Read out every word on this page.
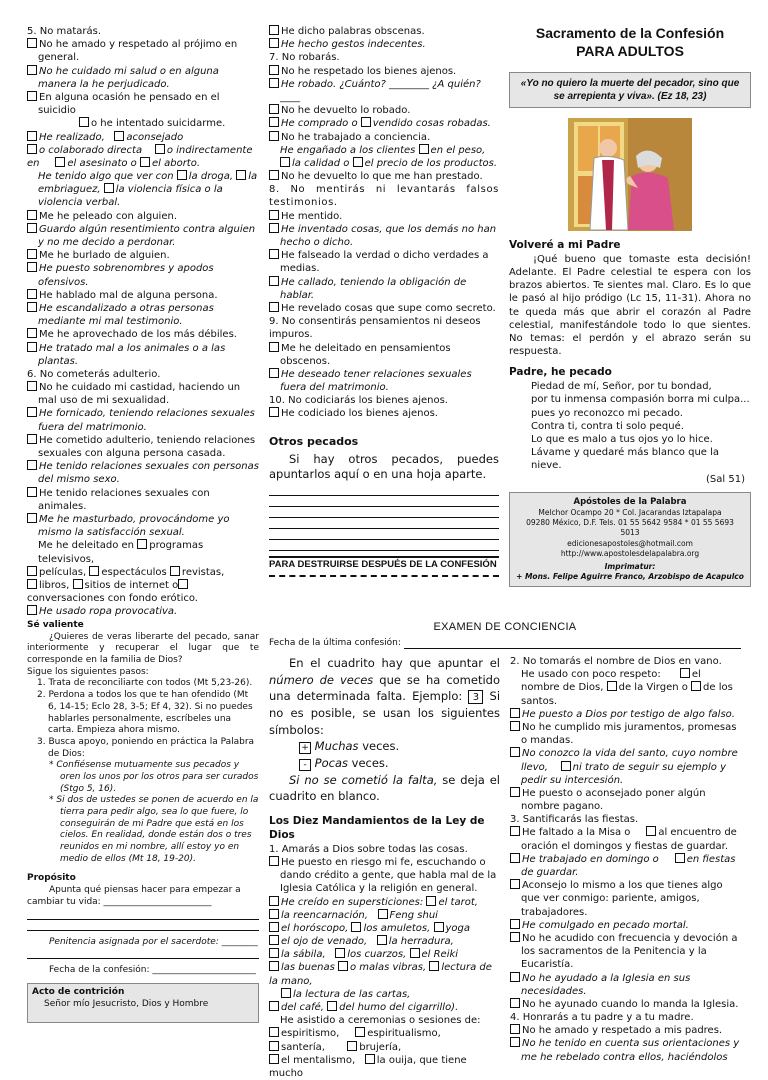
5. No matarás.
No he amado y respetado al prójimo en general.
No he cuidado mi salud o en alguna manera la he perjudicado.
En alguna ocasión he pensado en el suicidio
o he intentado suicidarme.
He realizado, aconsejado
o colaborado directa o indirectamente en	el asesinato o el aborto.
He tenido algo que ver con la droga, la embriaguez, la violencia física o la violencia verbal.
Me he peleado con alguien.
Guardo algún resentimiento contra alguien y no me decido a perdonar.
Me he burlado de alguien.
He puesto sobrenombres y apodos ofensivos.
He hablado mal de alguna persona.
He escandalizado a otras personas mediante mi mal testimonio.
Me he aprovechado de los más débiles.
He tratado mal a los animales o a las plantas.
6. No cometerás adulterio.
No he cuidado mi castidad, haciendo un mal uso de mi sexualidad.
He fornicado, teniendo relaciones sexuales fuera del matrimonio.
He cometido adulterio, teniendo relaciones sexuales con alguna persona casada.
He tenido relaciones sexuales con personas del mismo sexo.
He tenido relaciones sexuales con animales.
Me he masturbado, provocándome yo mismo la satisfacción sexual.
Me he deleitado en programas televisivos,
películas, espectáculos revistas,
libros, sitios de internet oconversaciones con fondo erótico.
He usado ropa provocativa.
He dicho palabras obscenas.
He hecho gestos indecentes.
7. No robarás.
No he respetado los bienes ajenos.
He robado. ¿Cuánto? ________ ¿A quién? ____
No he devuelto lo robado.
He comprado o vendido cosas robadas.
No he trabajado a conciencia.
He engañado a los clientes en el peso,
la calidad o el precio de los productos.
No he devuelto lo que me han prestado.
8. No mentirás ni levantarás falsos testimonios.
He mentido.
He inventado cosas, que los demás no han hecho o dicho.
He falseado la verdad o dicho verdades a medias.
He callado, teniendo la obligación de hablar.
He revelado cosas que supe como secreto.
9. No consentirás pensamientos ni deseos impuros.
Me he deleitado en pensamientos obscenos.
He deseado tener relaciones sexuales fuera del matrimonio.
10. No codiciarás los bienes ajenos.
He codiciado los bienes ajenos.
Otros pecados
Si hay otros pecados, puedes apuntarlos aquí o en una hoja aparte.
PARA DESTRUIRSE DESPUÉS DE LA CONFESIÓN
Sacramento de la Confesión
PARA ADULTOS
«Yo no quiero la muerte del pecador, sino que se arrepienta y viva». (Ez 18, 23)
Volveré a mi Padre
¡Qué bueno que tomaste esta decisión! Adelante. El Padre celestial te espera con los brazos abiertos. Te sientes mal. Claro. Es lo que le pasó al hijo pródigo (Lc 15, 11-31). Ahora no te queda más que abrir el corazón al Padre celestial, manifestándole todo lo que sientes. No temas: el perdón y el abrazo serán su respuesta.
Padre, he pecado
Piedad de mí, Señor, por tu bondad,
por tu inmensa compasión borra mi culpa...
pues yo reconozco mi pecado.
Contra ti, contra ti solo pequé.
Lo que es malo a tus ojos yo lo hice.
Lávame y quedaré más blanco que la nieve.
(Sal 51)
Apóstoles de la Palabra
Melchor Ocampo 20 * Col. Jacarandas Iztapalapa
09280 México, D.F. Tels. 01 55 5642 9584 * 01 55 5693 5013
edicionesapostoles@hotmail.com
http://www.apostolesdelapalabra.org
Imprimatur:
+ Mons. Felipe Aguirre Franco, Arzobispo de Acapulco
Sé valiente
¿Quieres de veras liberarte del pecado, sanar interiormente y recuperar el lugar que te corresponde en la familia de Dios?
Sigue los siguientes pasos:
1. Trata de reconciliarte con todos (Mt 5,23-26).
2. Perdona a todos los que te han ofendido (Mt 6, 14-15; Eclo 28, 3-5; Ef 4, 32). Si no puedes hablarles personalmente, escríbeles una carta. Empieza ahora mismo.
3. Busca apoyo, poniendo en práctica la Palabra de Dios:
* Confiésense mutuamente sus pecados y oren los unos por los otros para ser curados (Stgo 5, 16).
* Si dos de ustedes se ponen de acuerdo en la tierra para pedir algo, sea lo que fuere, lo conseguirán de mi Padre que está en los cielos. En realidad, donde están dos o tres reunidos en mi nombre, allí estoy yo en medio de ellos (Mt 18, 19-20).
Propósito
Apunta qué piensas hacer para empezar a cambiar tu vida: ________________________
Penitencia asignada por el sacerdote: ________
Fecha de la confesión: _______________________
Acto de contrición
Señor mío Jesucristo, Dios y Hombre
EXAMEN DE CONCIENCIA
Fecha de la última confesión:
En el cuadrito hay que apuntar el número de veces que se ha cometido una determinada falta. Ejemplo: 3 Si no es posible, se usan los siguientes símbolos:
+ Muchas veces.
- Pocas veces.
Si no se cometió la falta, se deja el cuadrito en blanco.
Los Diez Mandamientos de la Ley de Dios
1. Amarás a Dios sobre todas las cosas.
He puesto en riesgo mi fe, escuchando o dando crédito a gente, que habla mal de la Iglesia Católica y la religión en general.
He creído en supersticiones: el tarot,
la reencarnación, Feng shui
el horóscopo, los amuletos, yoga
el ojo de venado, la herradura,
la sábila, los cuarzos, el Reiki
las buenas o malas vibras, lectura de la mano,
la lectura de las cartas,
del café, del humo del cigarrillo).
He asistido a ceremonias o sesiones de:
espiritismo,	espiritualismo,
santería,	brujería,
el mentalismo, la ouija, que tiene mucho
2. No tomarás el nombre de Dios en vano.
He usado con poco respeto:	el nombre de Dios, de la Virgen o de los santos.
He puesto a Dios por testigo de algo falso.
No he cumplido mis juramentos, promesas o mandas.
No conozco la vida del santo, cuyo nombre llevo, ni trato de seguir su ejemplo y pedir su intercesión.
He puesto o aconsejado poner algún nombre pagano.
3. Santificarás las fiestas.
He faltado a la Misa o	al encuentro de oración el domingos y fiestas de guardar.
He trabajado en domingo o	en fiestas de guardar.
Aconsejo lo mismo a los que tienes algo que ver conmigo: pariente, amigos, trabajadores.
He comulgado en pecado mortal.
No he acudido con frecuencia y devoción a los sacramentos de la Penitencia y la Eucaristía.
No he ayudado a la Iglesia en sus necesidades.
No he ayunado cuando lo manda la Iglesia.
4. Honrarás a tu padre y a tu madre.
No he amado y respetado a mis padres.
No he tenido en cuenta sus orientaciones y me he rebelado contra ellos, haciéndolos
